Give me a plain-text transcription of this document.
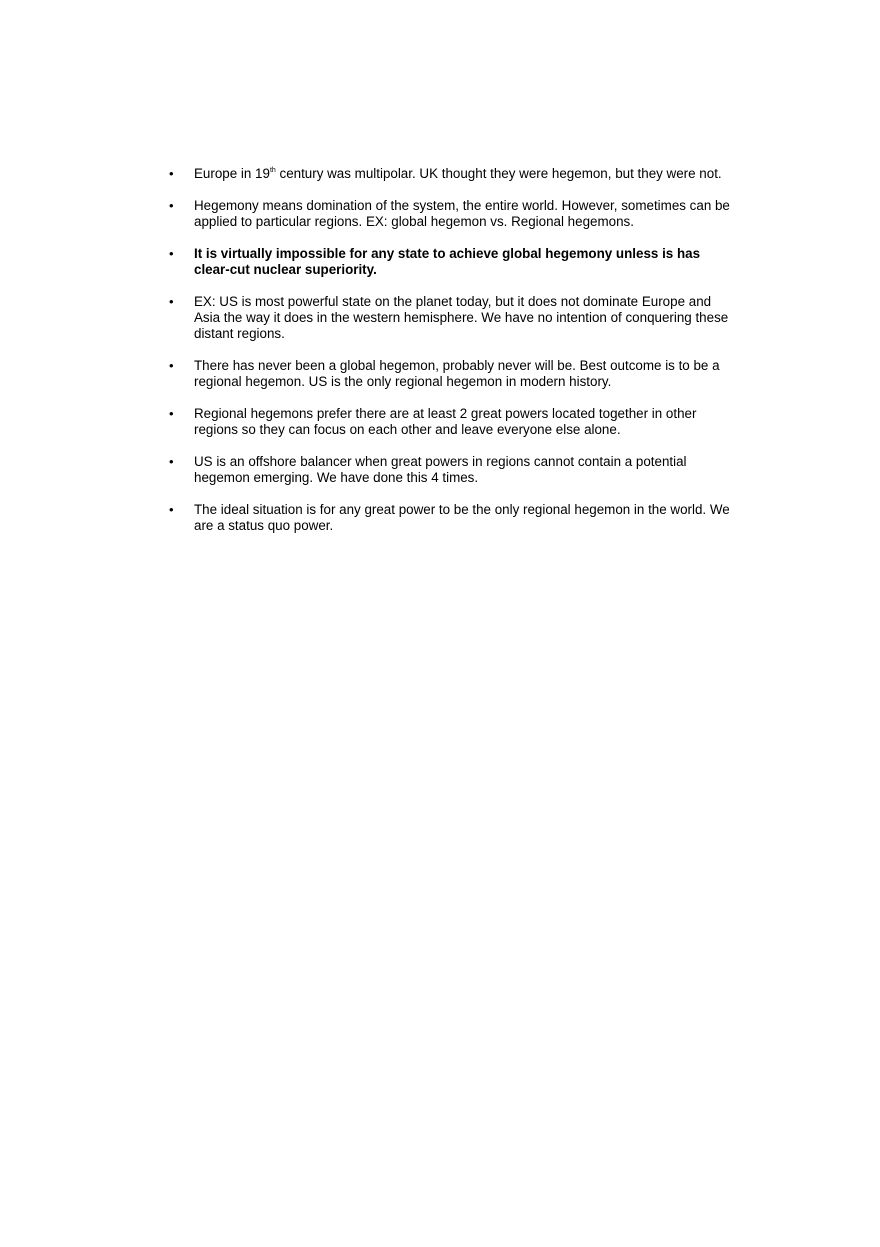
• Europe in 19th century was multipolar. UK thought they were hegemon, but they were not.
• Hegemony means domination of the system, the entire world. However, sometimes can be applied to particular regions. EX: global hegemon vs. Regional hegemons.
• It is virtually impossible for any state to achieve global hegemony unless is has clear-cut nuclear superiority.
• EX: US is most powerful state on the planet today, but it does not dominate Europe and Asia the way it does in the western hemisphere. We have no intention of conquering these distant regions.
• There has never been a global hegemon, probably never will be. Best outcome is to be a regional hegemon. US is the only regional hegemon in modern history.
• Regional hegemons prefer there are at least 2 great powers located together in other regions so they can focus on each other and leave everyone else alone.
• US is an offshore balancer when great powers in regions cannot contain a potential hegemon emerging. We have done this 4 times.
• The ideal situation is for any great power to be the only regional hegemon in the world. We are a status quo power.
